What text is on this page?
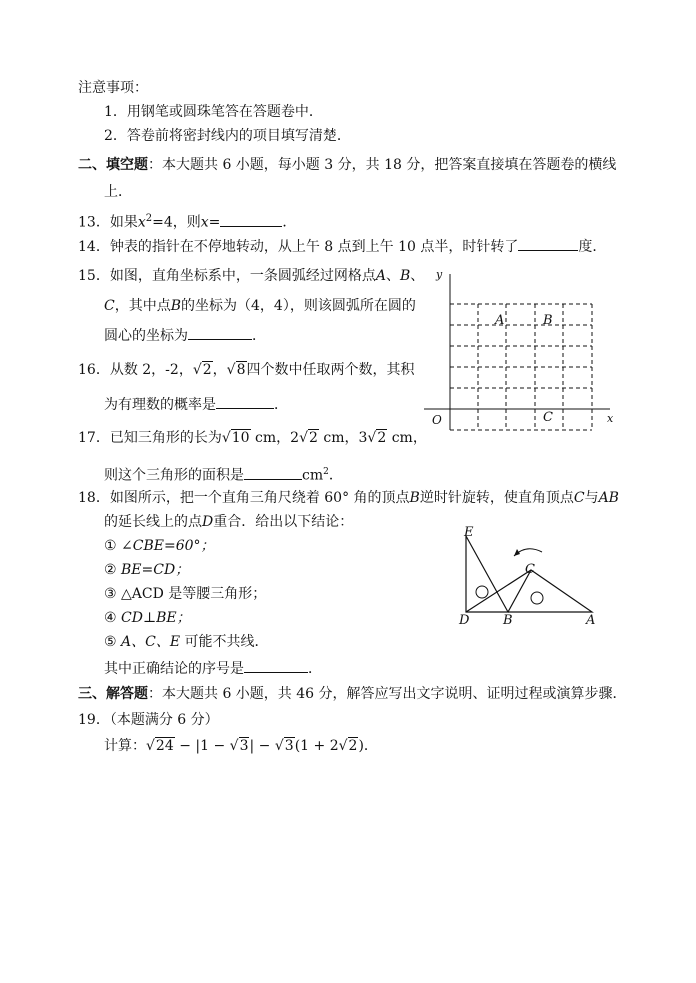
注意事项：
1．用钢笔或圆珠笔答在答题卷中．
2．答卷前将密封线内的项目填写清楚．
二、填空题：本大题共 6 小题，每小题 3 分，共 18 分，把答案直接填在答题卷的横线
上．
13．如果$x^2=4$，则x=	．
14．钟表的指针在不停地转动，从上午 8 点到上午 10 点半，时针转了	度．
15．如图，直角坐标系中，一条圆弧经过网格点A、B、
C，其中点B的坐标为（4，4），则该圆弧所在圆的
圆心的坐标为	．
16．从数 2，-2，√2，√8四个数中任取两个数，其积
为有理数的概率是	．
17．已知三角形的长为√10 cm，2√2 cm，3√2 cm，
则这个三角形的面积是	$cm^2$．
18．如图所示，把一个直角三角尺绕着 60° 角的顶点B逆时针旋转，使直角顶点C与AB
的延长线上的点D重合．给出以下结论：
① ∠CBE=60°；
② BE=CD；
③ △ACD 是等腰三角形；
④ CD⊥BE；
⑤ A、C、E 可能不共线．
其中正确结论的序号是	．
三、解答题：本大题共 6 小题，共 46 分，解答应写出文字说明、证明过程或演算步骤．
19．（本题满分 6 分）
计算：√24 − |1 − √3| − √3(1 + 2√2)．
y
x
O
A	B
C
E
C
D	B	A
